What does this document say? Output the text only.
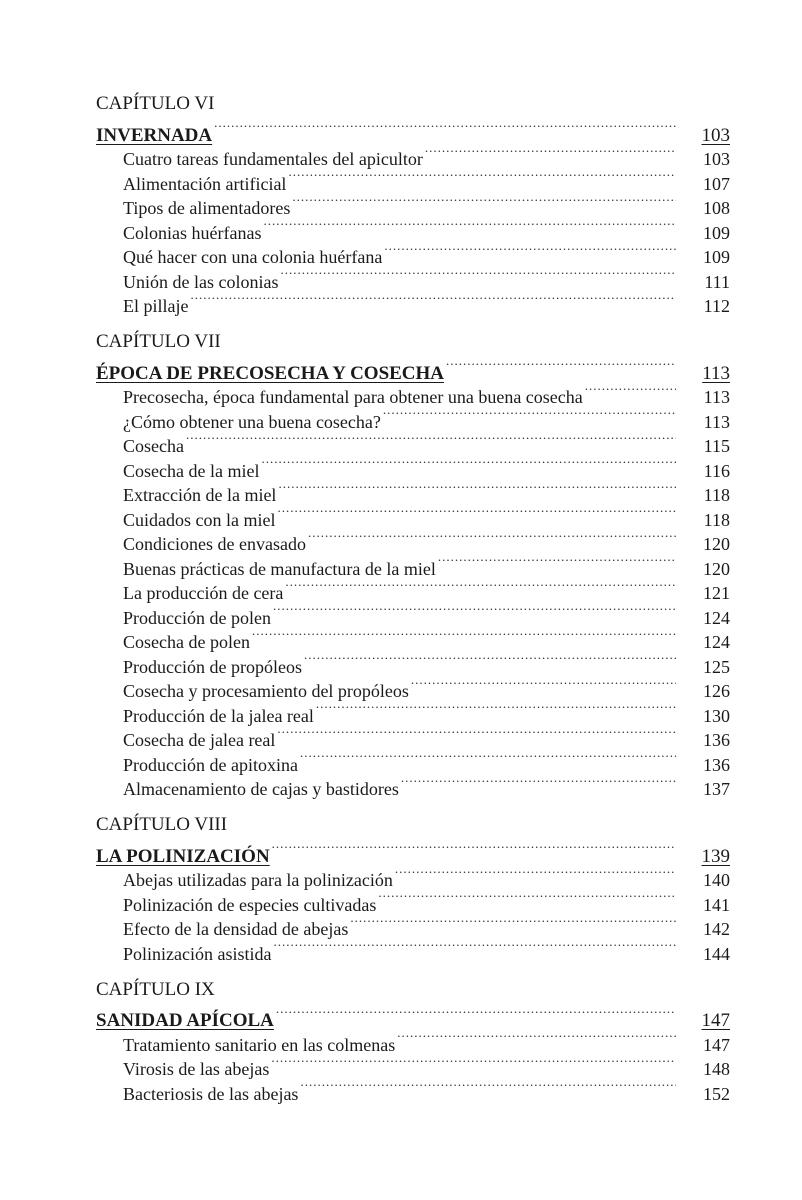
CAPÍTULO VI
INVERNADA .....	103
Cuatro tareas fundamentales del apicultor .....	103
Alimentación artificial .....	107
Tipos de alimentadores .....	108
Colonias huérfanas .....	109
Qué hacer con una colonia huérfana .....	109
Unión de las colonias .....	111
El pillaje .....	112
CAPÍTULO VII
ÉPOCA DE PRECOSECHA Y COSECHA .....	113
Precosecha, época fundamental para obtener una buena cosecha .....	113
¿Cómo obtener una buena cosecha? .....	113
Cosecha .....	115
Cosecha de la miel .....	116
Extracción de la miel .....	118
Cuidados con la miel .....	118
Condiciones de envasado .....	120
Buenas prácticas de manufactura de la miel .....	120
La producción de cera .....	121
Producción de polen .....	124
Cosecha de polen .....	124
Producción de propóleos .....	125
Cosecha y procesamiento del propóleos .....	126
Producción de la jalea real .....	130
Cosecha de jalea real .....	136
Producción de apitoxina .....	136
Almacenamiento de cajas y bastidores .....	137
CAPÍTULO VIII
LA POLINIZACIÓN .....	139
Abejas utilizadas para la polinización .....	140
Polinización de especies cultivadas .....	141
Efecto de la densidad de abejas .....	142
Polinización asistida .....	144
CAPÍTULO IX
SANIDAD APÍCOLA .....	147
Tratamiento sanitario en las colmenas .....	147
Virosis de las abejas .....	148
Bacteriosis de las abejas .....	152
